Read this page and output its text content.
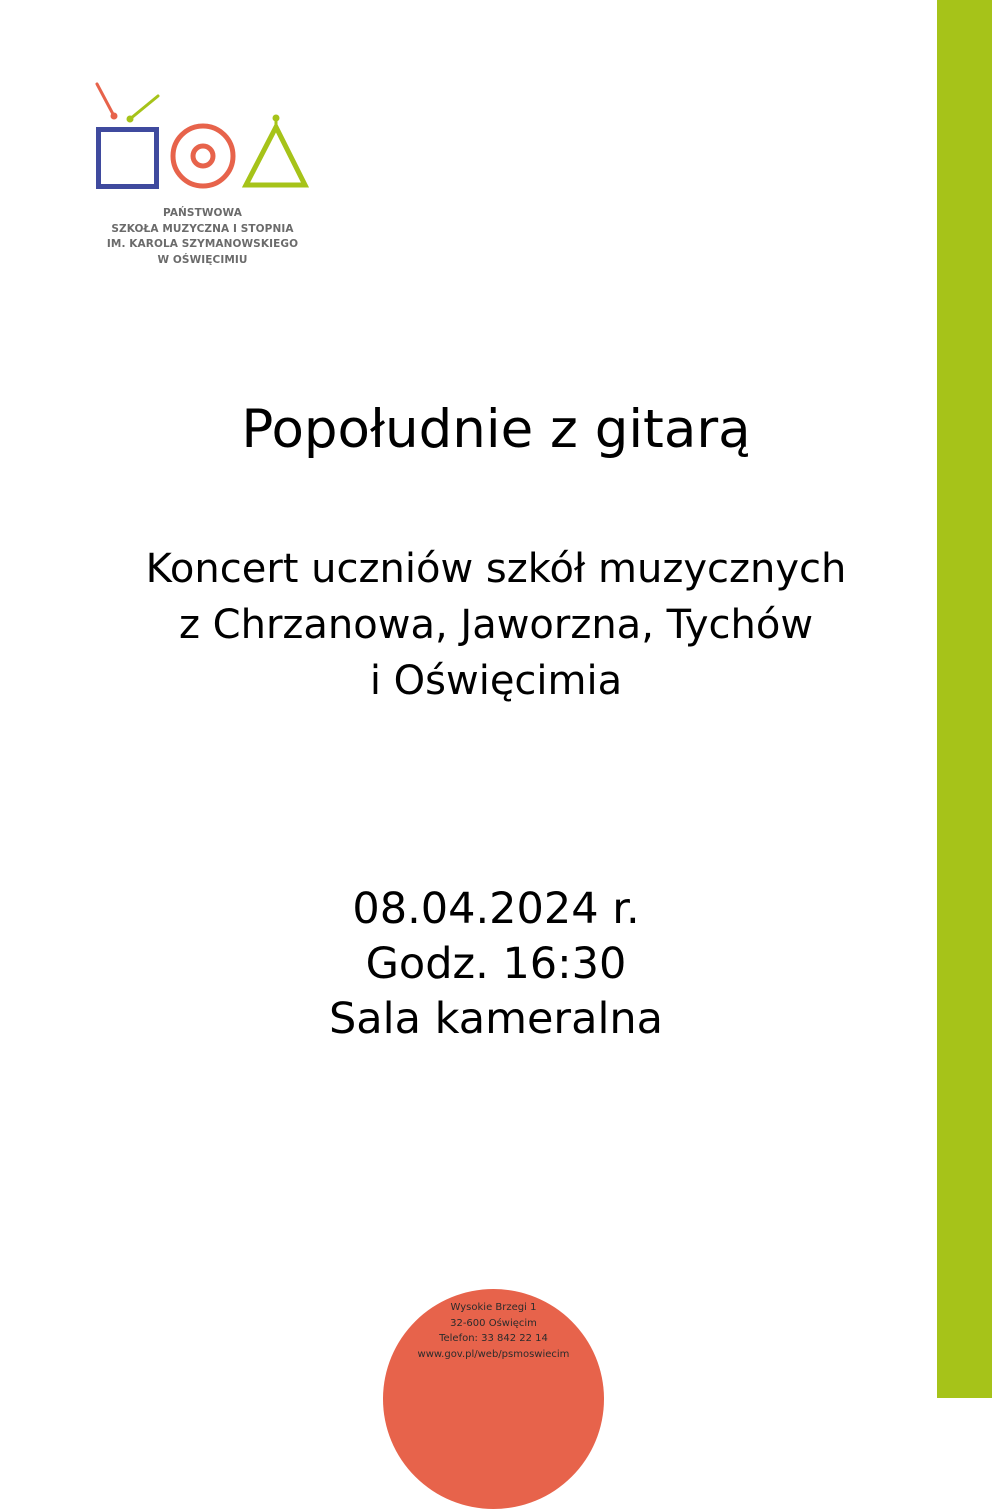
PAŃSTWOWA
SZKOŁA MUZYCZNA I STOPNIA
IM. KAROLA SZYMANOWSKIEGO
W OŚWIĘCIMIU
Popołudnie z gitarą
Koncert uczniów szkół muzycznych
z Chrzanowa, Jaworzna, Tychów
i Oświęcimia
08.04.2024 r.
Godz. 16:30
Sala kameralna
Wysokie Brzegi 1
32-600 Oświęcim
Telefon: 33 842 22 14
www.gov.pl/web/psmoswiecim
